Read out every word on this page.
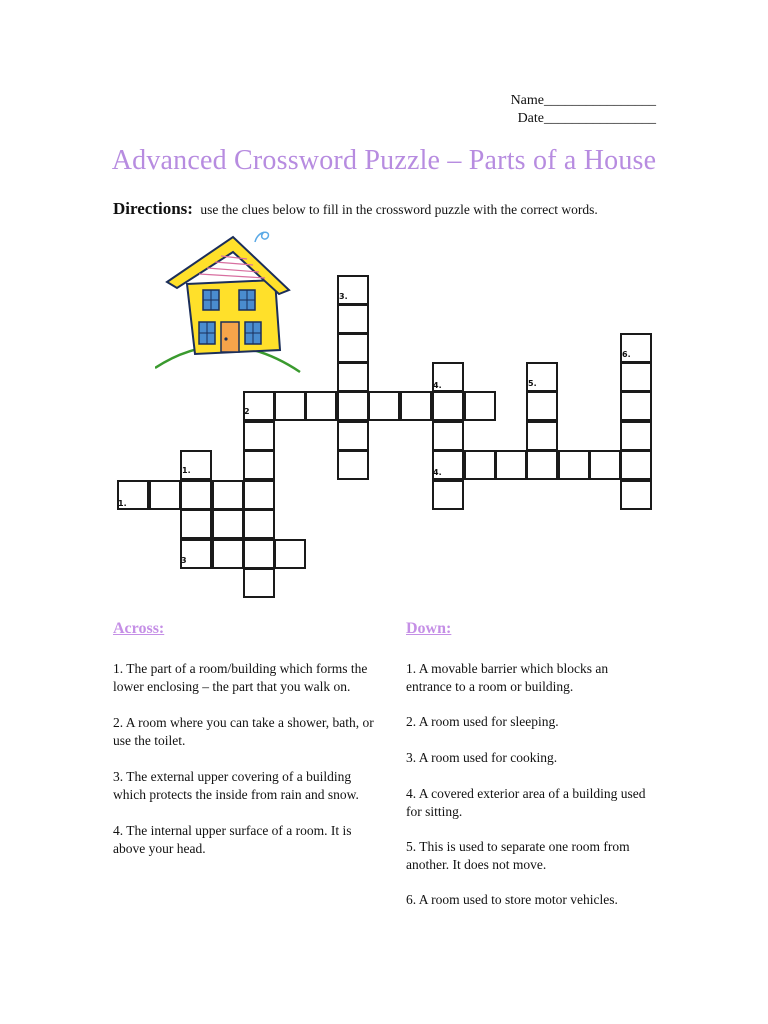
Name________________
Date________________
Advanced Crossword Puzzle – Parts of a House
Directions: use the clues below to fill in the crossword puzzle with the correct words.
3.
2
4.	5.
6.
4.
1.
1.
3
Across:	Down:

1. The part of a room/building which forms the lower enclosing – the part that you walk on.

2. A room where you can take a shower, bath, or use the toilet.

3. The external upper covering of a building which protects the inside from rain and snow.

4. The internal upper surface of a room. It is above your head.

1. A movable barrier which blocks an entrance to a room or building.

2. A room used for sleeping.

3. A room used for cooking.

4. A covered exterior area of a building used for sitting.

5. This is used to separate one room from another. It does not move.

6. A room used to store motor vehicles.
